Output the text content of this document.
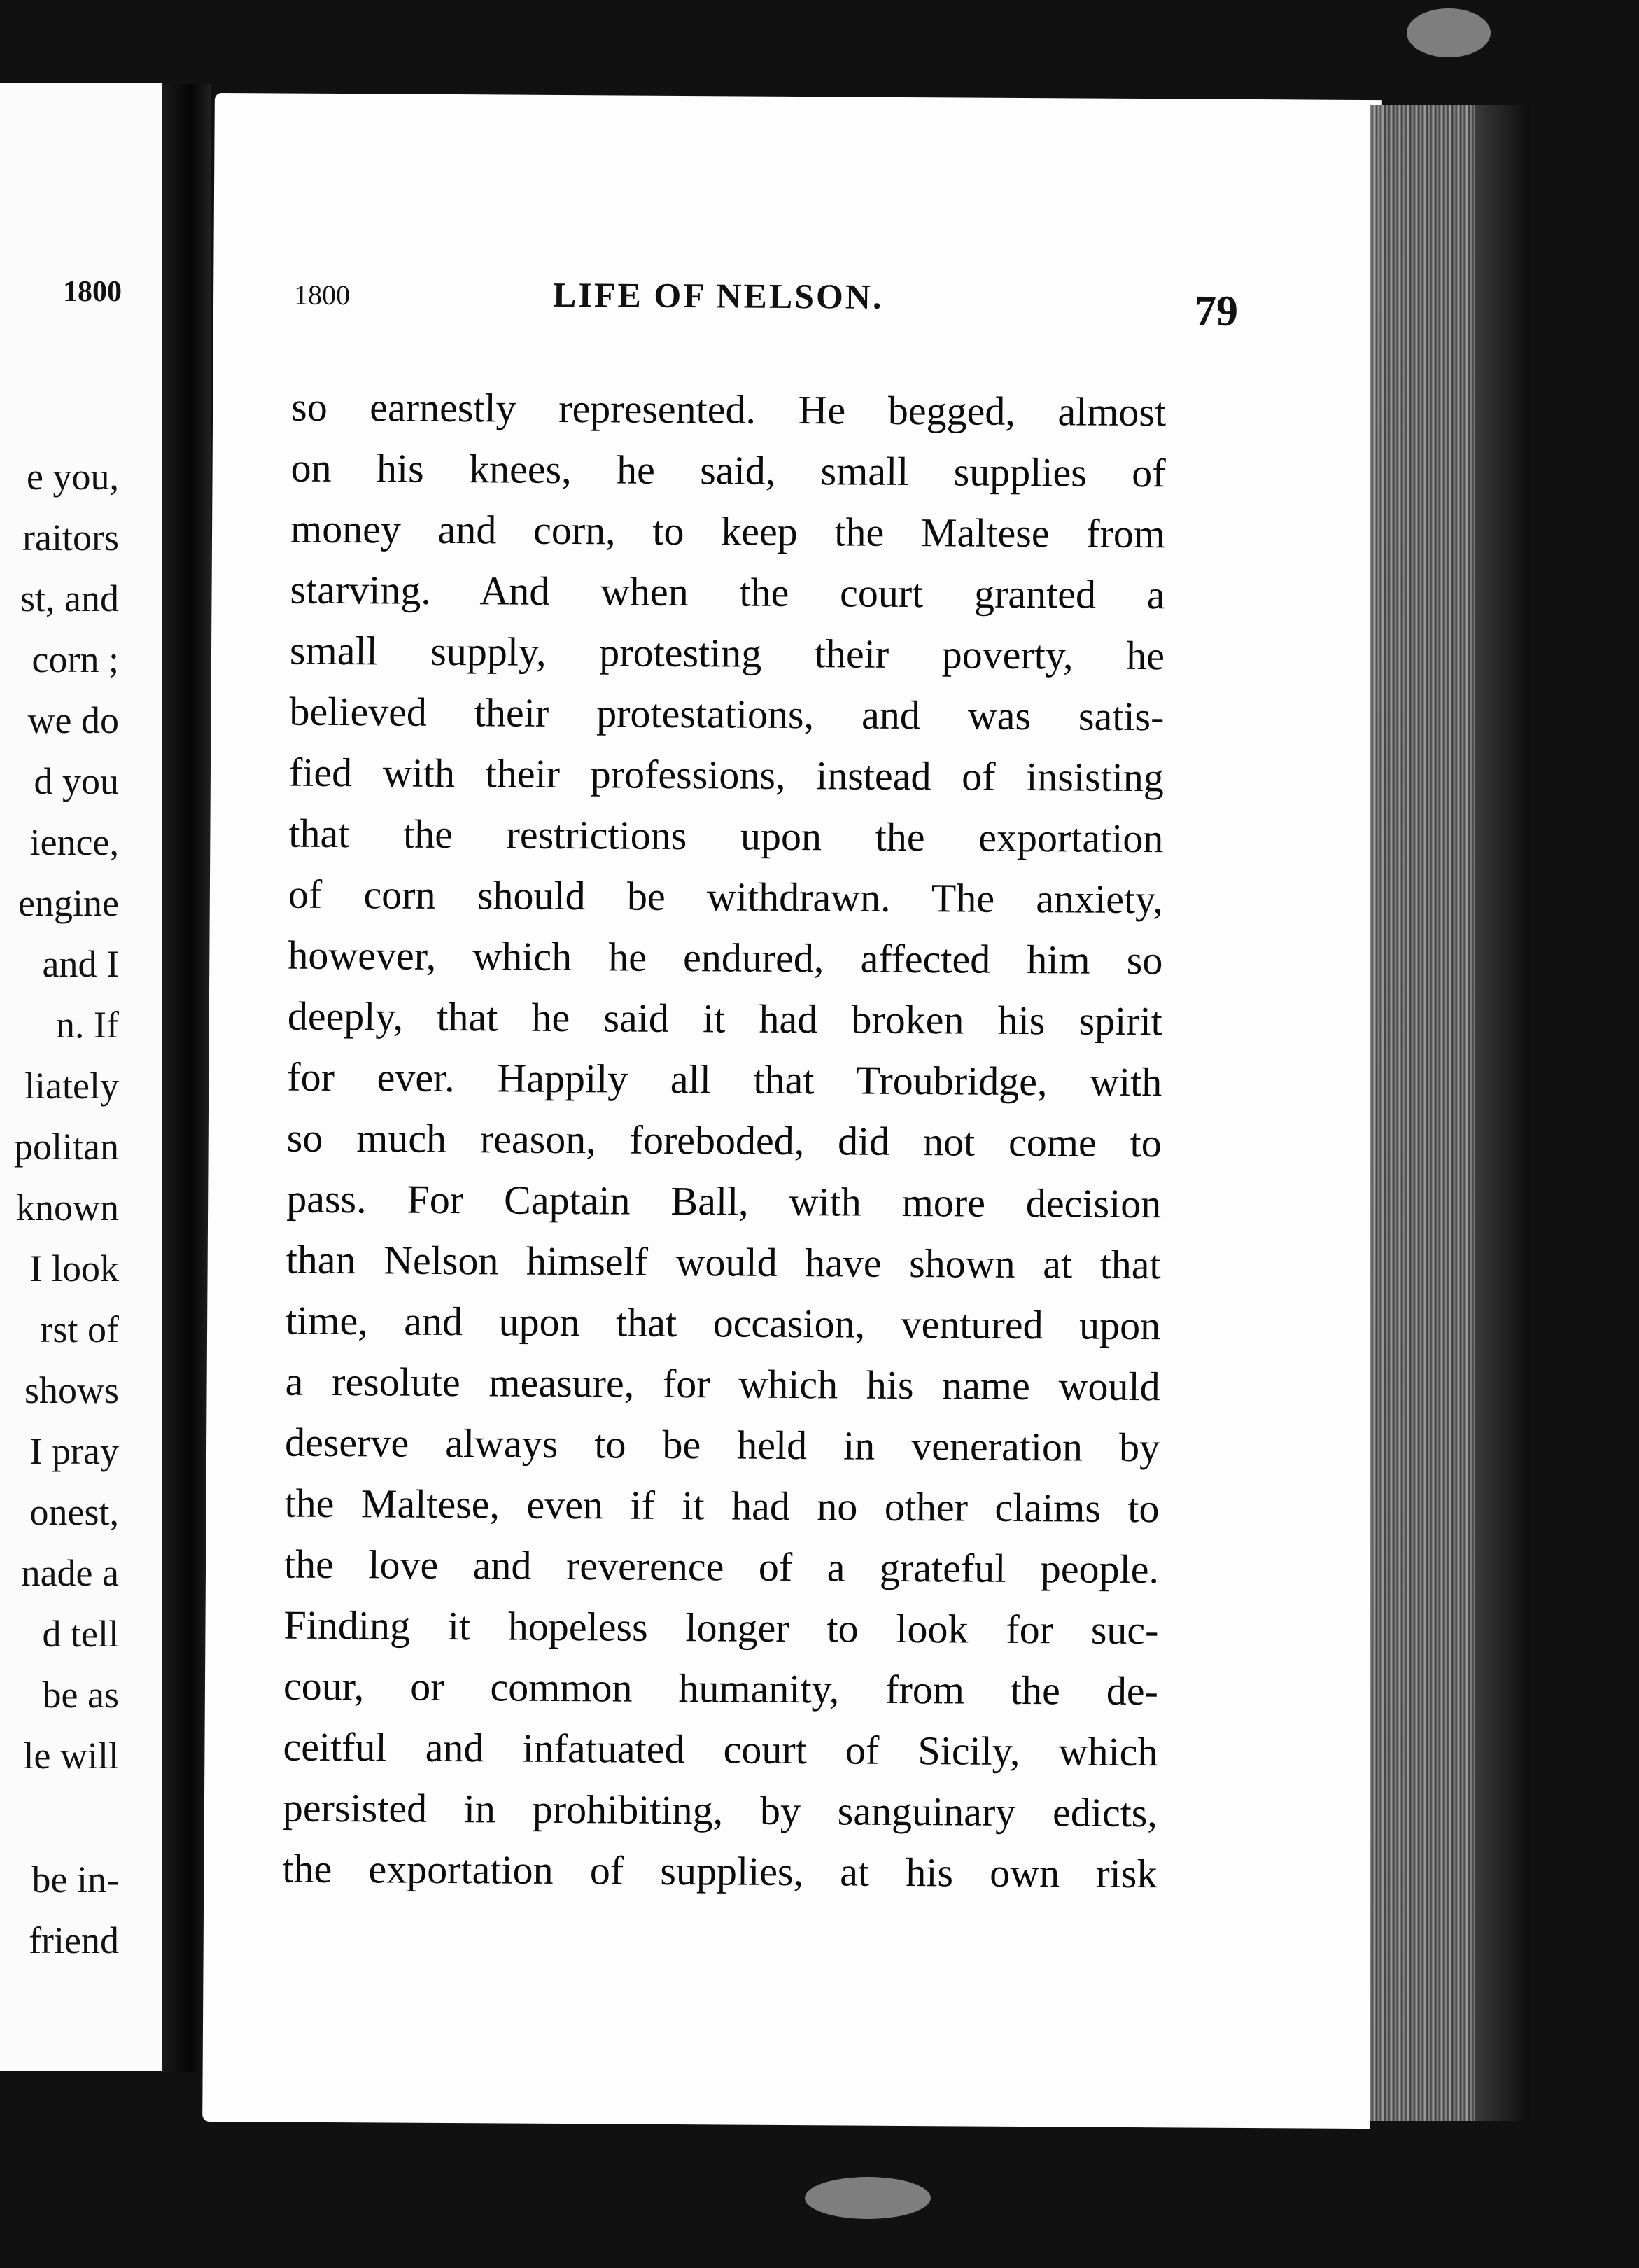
1800
e you,
raitors
st, and
corn ;
we do
d you
ience,
engine
and I
n. If
liately
politan
known
I look
rst of
shows
I pray
onest,
nade a
d tell
be as
le will
be in-
friend
1800	LIFE OF NELSON.	79
so earnestly represented. He begged, almost
on his knees, he said, small supplies of
money and corn, to keep the Maltese from
starving. And when the court granted a
small supply, protesting their poverty, he
believed their protestations, and was satis-
fied with their professions, instead of insisting
that the restrictions upon the exportation
of corn should be withdrawn. The anxiety,
however, which he endured, affected him so
deeply, that he said it had broken his spirit
for ever. Happily all that Troubridge, with
so much reason, foreboded, did not come to
pass. For Captain Ball, with more decision
than Nelson himself would have shown at that
time, and upon that occasion, ventured upon
a resolute measure, for which his name would
deserve always to be held in veneration by
the Maltese, even if it had no other claims to
the love and reverence of a grateful people.
Finding it hopeless longer to look for suc-
cour, or common humanity, from the de-
ceitful and infatuated court of Sicily, which
persisted in prohibiting, by sanguinary edicts,
the exportation of supplies, at his own risk
